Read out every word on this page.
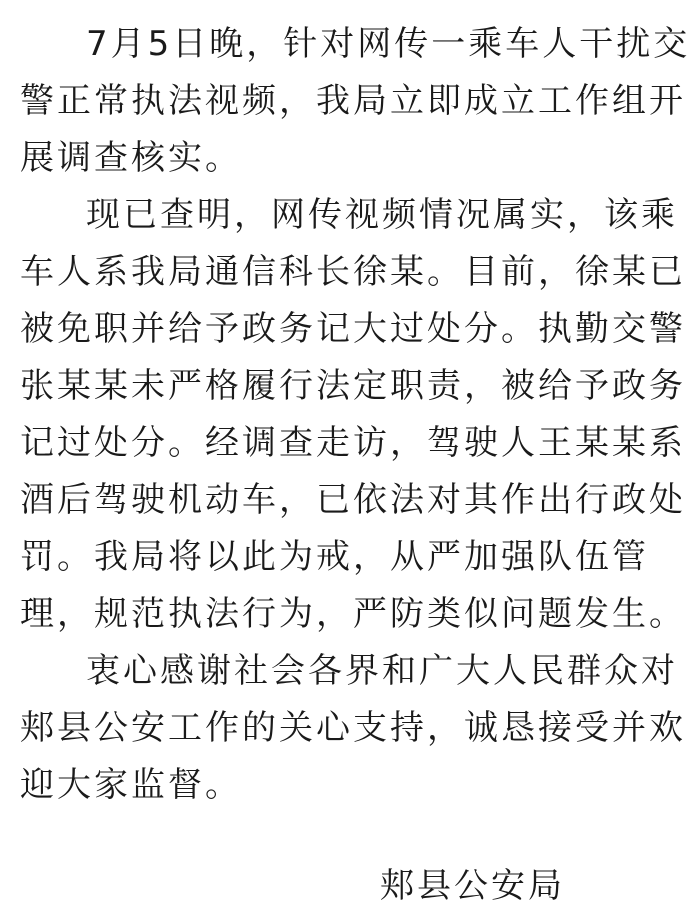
7月5日晚，针对网传一乘车人干扰交

警正常执法视频，我局立即成立工作组开

展调查核实。

现已查明，网传视频情况属实，该乘

车人系我局通信科长徐某。目前，徐某已

被免职并给予政务记大过处分。执勤交警

张某某未严格履行法定职责，被给予政务

记过处分。经调查走访，驾驶人王某某系

酒后驾驶机动车，已依法对其作出行政处

罚。我局将以此为戒，从严加强队伍管

理，规范执法行为，严防类似问题发生。

衷心感谢社会各界和广大人民群众对

郏县公安工作的关心支持，诚恳接受并欢

迎大家监督。

郏县公安局
